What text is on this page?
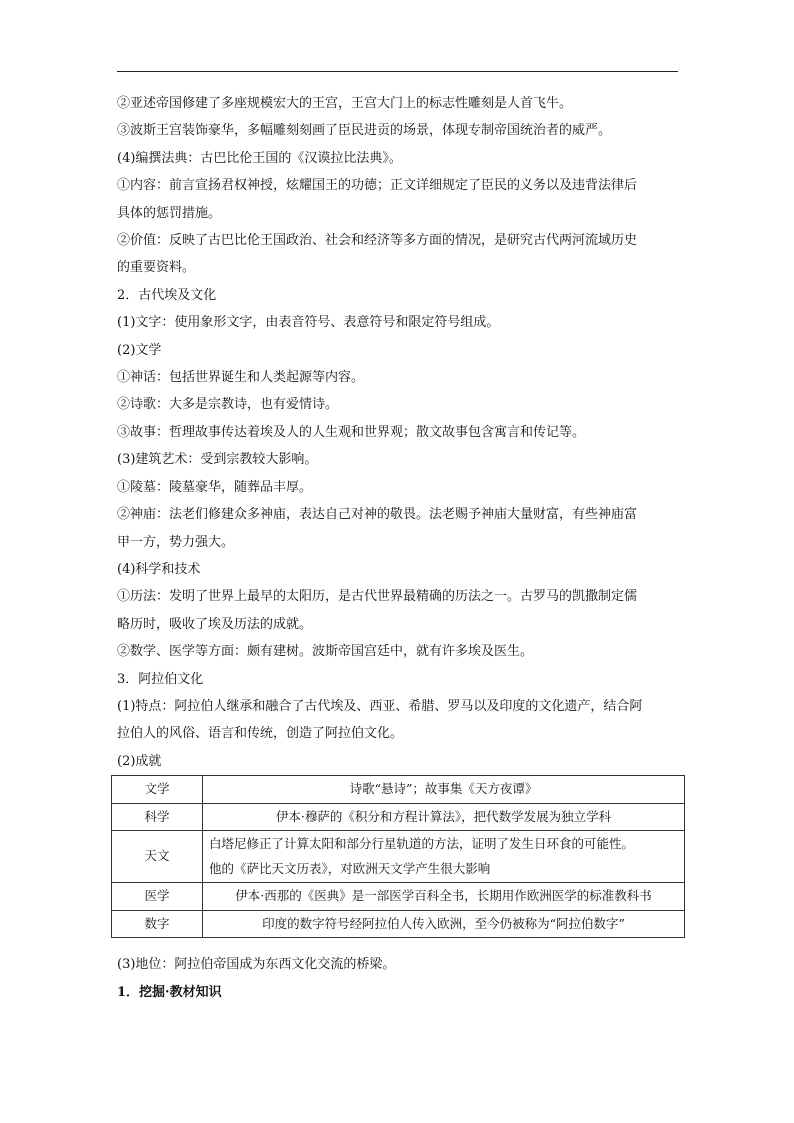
②亚述帝国修建了多座规模宏大的王宫，王宫大门上的标志性雕刻是人首飞牛。

③波斯王宫装饰豪华，多幅雕刻刻画了臣民进贡的场景，体现专制帝国统治者的威严。

(4)编撰法典：古巴比伦王国的《汉谟拉比法典》。

①内容：前言宣扬君权神授，炫耀国王的功德；正文详细规定了臣民的义务以及违背法律后

具体的惩罚措施。

②价值：反映了古巴比伦王国政治、社会和经济等多方面的情况，是研究古代两河流域历史

的重要资料。

2．古代埃及文化

(1)文字：使用象形文字，由表音符号、表意符号和限定符号组成。

(2)文学

①神话：包括世界诞生和人类起源等内容。

②诗歌：大多是宗教诗，也有爱情诗。

③故事：哲理故事传达着埃及人的人生观和世界观；散文故事包含寓言和传记等。

(3)建筑艺术：受到宗教较大影响。

①陵墓：陵墓豪华，随葬品丰厚。

②神庙：法老们修建众多神庙，表达自己对神的敬畏。法老赐予神庙大量财富，有些神庙富

甲一方，势力强大。

(4)科学和技术

①历法：发明了世界上最早的太阳历，是古代世界最精确的历法之一。古罗马的凯撒制定儒

略历时，吸收了埃及历法的成就。

②数学、医学等方面：颇有建树。波斯帝国宫廷中，就有许多埃及医生。

3．阿拉伯文化

(1)特点：阿拉伯人继承和融合了古代埃及、西亚、希腊、罗马以及印度的文化遗产，结合阿

拉伯人的风俗、语言和传统，创造了阿拉伯文化。

(2)成就

文学	诗歌“悬诗”；故事集《天方夜谭》
科学	伊本·穆萨的《积分和方程计算法》，把代数学发展为独立学科
天文	白塔尼修正了计算太阳和部分行星轨道的方法，证明了发生日环食的可能性。
他的《萨比天文历表》，对欧洲天文学产生很大影响

医学	伊本·西那的《医典》是一部医学百科全书，长期用作欧洲医学的标准教科书
数字	印度的数字符号经阿拉伯人传入欧洲，至今仍被称为“阿拉伯数字”

(3)地位：阿拉伯帝国成为东西文化交流的桥梁。

1．挖掘·教材知识
